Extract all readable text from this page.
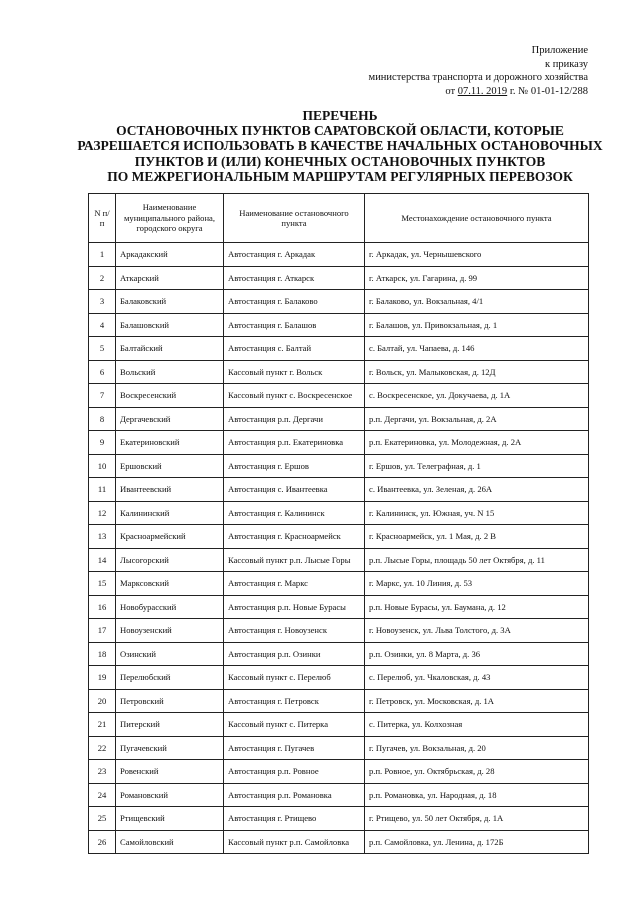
Приложение
к приказу
министерства транспорта и дорожного хозяйства
от 07.11. 2019 г. № 01-01-12/288
ПЕРЕЧЕНЬ
ОСТАНОВОЧНЫХ ПУНКТОВ САРАТОВСКОЙ ОБЛАСТИ, КОТОРЫЕ
РАЗРЕШАЕТСЯ ИСПОЛЬЗОВАТЬ В КАЧЕСТВЕ НАЧАЛЬНЫХ ОСТАНОВОЧНЫХ
ПУНКТОВ И (ИЛИ) КОНЕЧНЫХ ОСТАНОВОЧНЫХ ПУНКТОВ
ПО МЕЖРЕГИОНАЛЬНЫМ МАРШРУТАМ РЕГУЛЯРНЫХ ПЕРЕВОЗОК
N п/п	Наименование муниципального района, городского округа	Наименование остановочного пункта	Местонахождение остановочного пункта
1	Аркадакский	Автостанция г. Аркадак	г. Аркадак, ул. Чернышевского
2	Аткарский	Автостанция г. Аткарск	г. Аткарск, ул. Гагарина, д. 99
3	Балаковский	Автостанция г. Балаково	г. Балаково, ул. Вокзальная, 4/1
4	Балашовский	Автостанция г. Балашов	г. Балашов, ул. Привокзальная, д. 1
5	Балтайский	Автостанция с. Балтай	с. Балтай, ул. Чапаева, д. 146
6	Вольский	Кассовый пункт г. Вольск	г. Вольск, ул. Малыковская, д. 12Д
7	Воскресенский	Кассовый пункт с. Воскресенское	с. Воскресенское, ул. Докучаева, д. 1А
8	Дергачевский	Автостанция р.п. Дергачи	р.п. Дергачи, ул. Вокзальная, д. 2А
9	Екатериновский	Автостанция р.п. Екатериновка	р.п. Екатериновка, ул. Молодежная, д. 2А
10	Ершовский	Автостанция г. Ершов	г. Ершов, ул. Телеграфная, д. 1
11	Ивантеевский	Автостанция с. Ивантеевка	с. Ивантеевка, ул. Зеленая, д. 26А
12	Калининский	Автостанция г. Калининск	г. Калининск, ул. Южная, уч. N 15
13	Красноармейский	Автостанция г. Красноармейск	г. Красноармейск, ул. 1 Мая, д. 2 В
14	Лысогорский	Кассовый пункт р.п. Лысые Горы	р.п. Лысые Горы, площадь 50 лет Октября, д. 11
15	Марксовский	Автостанция г. Маркс	г. Маркс, ул. 10 Линия, д. 53
16	Новобурасский	Автостанция р.п. Новые Бурасы	р.п. Новые Бурасы, ул. Баумана, д. 12
17	Новоузенский	Автостанция г. Новоузенск	г. Новоузенск, ул. Льва Толстого, д. 3А
18	Озинский	Автостанция р.п. Озинки	р.п. Озинки, ул. 8 Марта, д. 36
19	Перелюбский	Кассовый пункт с. Перелюб	с. Перелюб, ул. Чкаловская, д. 43
20	Петровский	Автостанция г. Петровск	г. Петровск, ул. Московская, д. 1А
21	Питерский	Кассовый пункт с. Питерка	с. Питерка, ул. Колхозная
22	Пугачевский	Автостанция г. Пугачев	г. Пугачев, ул. Вокзальная, д. 20
23	Ровенский	Автостанция р.п. Ровное	р.п. Ровное, ул. Октябрьская, д. 28
24	Романовский	Автостанция р.п. Романовка	р.п. Романовка, ул. Народная, д. 18
25	Ртищевский	Автостанция г. Ртищево	г. Ртищево, ул. 50 лет Октября, д. 1А
26	Самойловский	Кассовый пункт р.п. Самойловка	р.п. Самойловка, ул. Ленина, д. 172Б
